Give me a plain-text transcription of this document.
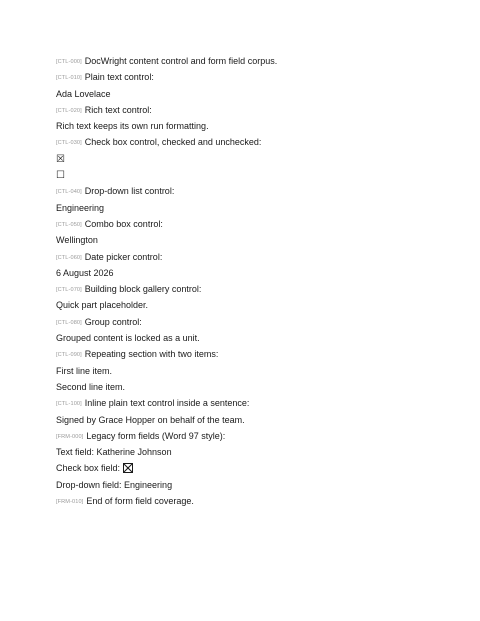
[CTL-000] DocWright content control and form field corpus.
[CTL-010] Plain text control:
Ada Lovelace
[CTL-020] Rich text control:
Rich text keeps its own run formatting.
[CTL-030] Check box control, checked and unchecked:
☒
☐
[CTL-040] Drop-down list control:
Engineering
[CTL-050] Combo box control:
Wellington
[CTL-060] Date picker control:
6 August 2026
[CTL-070] Building block gallery control:
Quick part placeholder.
[CTL-080] Group control:
Grouped content is locked as a unit.
[CTL-090] Repeating section with two items:
First line item.
Second line item.
[CTL-100] Inline plain text control inside a sentence:
Signed by Grace Hopper on behalf of the team.
[FRM-000] Legacy form fields (Word 97 style):
Text field: Katherine Johnson
Check box field:
Drop-down field: Engineering
[FRM-010] End of form field coverage.
